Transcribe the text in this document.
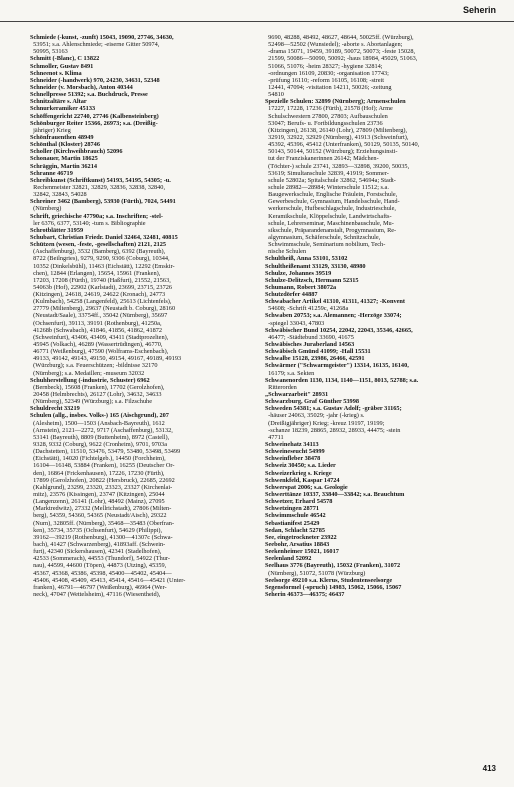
Seherin
Schmiede (-kunst, -zunft) 15043, 19090, 27746, 34630,
53951; s.a. Ahlenschmiede; -eiserne Gitter 50974,
50995, 53163
Schmitt (-Blanc), C 13822
Schmoller, Gustav 8491
Schneenot s. Klima
Schneider (-handwerk) 970, 24230, 34631, 52348
Schneider (v. Morsbach), Anton 40344
Schnellpresse 51392; s.a. Buchdruck, Presse
Schnitzaltäre s. Altar
Schnurkeramiker 45133
Schöffengericht 22740, 27746 (Kalbensteinberg)
Schönburger Reiter 15366, 26973; s.a. (Dreißig-
jähriger) Krieg
Schönfrauenthen 48949
Schönthal (Kloster) 28746
Scholler (Kirchweihbrauch) 52096
Schonauer, Martin 18625
Schräggin, Martin 36214
Schranne 46719
Schreibkunst (Schriftkunst) 54193, 54195, 54305; -u.
Rechenmeister 32821, 32829, 32836, 32838, 32840,
32842, 32843, 54028
Schreiner 3462 (Bamberg), 53930 (Fürth), 7024, 54491
(Nürnberg)
Schrift, griechische 47790a; s.a. Inschriften; -stel-
ler 6376, 6377, 53140; -tum s. Bibliographie
Schrotblätter 31959
Schubart, Christian Friedr. Daniel 32464, 32481, 40815
Schützen (wesen, -feste, -gesellschaften) 2121, 2125
(Aschaffenburg), 3532 (Bamberg), 6392 (Bayreuth),
8722 (Beilngries), 9279, 9290, 9306 (Coburg), 10344,
10352 (Dinkelsbühl), 11463 (Eichstätt), 12292 (Emskir-
chen), 12844 (Erlangen), 15654, 15961 (Franken),
17203, 17208 (Fürth), 19740 (Haßfurt), 21552, 21563,
54063b (Hof), 22902 (Karlstadt), 23699, 23715, 23726
(Kitzingen), 24618, 24619, 24622 (Kronach), 24773
(Kulmbach), 54258 (Langenfeld), 25613 (Lichtenfels),
27779 (Miltenberg), 29637 (Neustadt b. Coburg), 28160
(Neustadt/Saale), 33754ff., 35042 (Nürnberg), 35697
(Ochsenfurt), 39113, 39191 (Rothenburg), 41250a,
41268b (Schwabach), 41846, 41856, 41862, 41872
(Schweinfurt), 43406, 43409, 43411 (Stadtprozelten),
45945 (Volkach), 46289 (Wassertrüdingen), 46770,
46771 (Weißenburg), 47590 (Wolframs-Eschenbach),
49133, 49142, 49143, 49150, 49154, 49167, 49189, 49193
(Würzburg); s.a. Feuerschützen; -bildnisse 32170
(Nürnberg); s.a. Medaillen; -museum 32032
Schuhherstellung (-industrie, Schuster) 6962
(Bernbeck), 15608 (Franken), 17702 (Gerolzhofen),
20458 (Helmbrechts), 26127 (Lohr), 34632, 34633
(Nürnberg), 52349 (Würzburg); s.a. Filzschuhe
Schuldrecht 33219
Schulen (allg., insbes. Volks-) 165 (Aischgrund), 207
(Alesheim), 1500—1503 (Ansbach-Bayreuth), 1612
(Arnstein), 2121—2272, 9717 (Aschaffenburg), 53132,
53141 (Bayreuth), 8809 (Buttenheim), 8972 (Castell),
9328, 9332 (Coburg), 9622 (Cronheim), 9701, 9703a
(Dachstetten), 11510, 53476, 53479, 53480, 53498, 53499
(Eichstätt), 14020 (Fichtelgeb.), 14450 (Forchheim),
16104—16148, 53884 (Franken), 16255 (Deutscher Or-
den), 16864 (Frickenhausen), 17226, 17230 (Fürth),
17899 (Gerolzhofen), 20822 (Hersbruck), 22685, 22692
(Kahlgrund), 23299, 23320, 23323, 23327 (Kirchenlai-
mitz), 23576 (Kissingen), 23747 (Kitzingen), 25044
(Langenzenn), 26141 (Lohr), 48492 (Mainz), 27095
(Marktredwitz), 27332 (Mellrichstadt), 27806 (Milten-
berg), 54359, 54360, 54365 (Neustadt/Aisch), 29322
(Nurn), 32805ff. (Nürnberg), 35468—35483 (Oberfran-
ken), 35734, 35735 (Ochsenfurt), 54629 (Philippi),
39162—39219 (Rothenburg), 41300—41307c (Schwa-
bach), 41427 (Schwarzenberg), 41893aff. (Schwein-
furt), 42340 (Sickershausen), 42341 (Stadelhofen),
42533 (Sommerach), 44553 (Thundorf), 54922 (Thur-
nau), 44599, 44600 (Töpen), 44873 (Utzing), 45359,
45367, 45368, 45386, 45398, 45400—45402, 45404—
45406, 45408, 45409, 45413, 45414, 45416—45421 (Unter-
franken), 46791—46797 (Weißenburg), 46964 (Wer-
neck), 47047 (Wettelsheim), 47116 (Wiesentheid),
9690, 48288, 48492, 48627, 48644, 50025ff. (Würzburg),
52498—52502 (Wunsiedel); -aborte s. Abortanlagen;
-drama 15071, 19459, 39189, 50072, 50073; -feste 15028,
21599, 50086—50090, 50092; -haus 18984, 45029, 51063,
51066, 51076; -heim 28327; -hygiene 32814;
-ordnungen 16109, 20830; -organisation 17743;
-prüfung 16110; -reform 16105, 16108; -streit
12441, 47094; -visitation 14211, 50026; -zeitung
54810
Spezielle Schulen: 32899 (Nürnberg); Armenschulen
17227, 17228, 17236 (Fürth), 21578 (Hof); Arme
Schulschwestern 27800, 27803; Aufbauschulen
53047; Berufs- u. Fortbildungsschulen 23736
(Kitzingen), 26138, 26140 (Lohr), 27809 (Miltenberg),
32919, 32922, 32929 (Nürnberg), 41913 (Schweinfurt),
45392, 45396, 45412 (Unterfranken), 50129, 50135, 50140,
50143, 50144, 50152 (Würzburg); Erziehungsinsti-
tut der Franziskanerinnen 26142; Mädchen-
(Töchter-) schule 23741, 32893—32898, 39200, 50035,
53619; Simultanschule 32839, 41919; Sommer-
schule 52802a; Spitalschule 32862, 54694a; Stadt-
schule 28982—28984; Winterschule 11512; s.a.
Baugewerkschule, Englische Fräulein, Forstschule,
Gewerbeschule, Gymnasium, Handelsschule, Hand-
werkerschule, Hufbeschlagschule, Industrieschule,
Keramikschule, Klöppelschule, Landwirtschafts-
schule, Lehrerseminar, Maschinenbauschule, Mu-
sikschule, Präparandenanstalt, Progymnasium, Re-
algymnasium, Schäferschule, Schnitzschule,
Schwimmschule, Seminarium nobilium, Tech-
nische Schulen
Schultheiß, Anna 53101, 53102
Schultheißenamt 33129, 33130, 48980
Schulze, Johannes 39519
Schulze-Delitzsch, Hermann 52315
Schumann, Robert 38072a
Schutzdörfer 44887
Schwabacher Artikel 41310, 41311, 41327; -Konvent
54608; -Schrift 41259c, 41268a
Schwaben 20753; s.a. Alemannen; -Herzöge 33074;
-spiegel 33043, 47803
Schwäbischer Bund 10254, 22042, 22043, 35346, 42665,
46477; -Städtebund 33690, 41675
Schwäbisches Juraberland 14563
Schwäbisch Gmünd 41099; -Hall 15531
Schwalbe 15128, 23986, 26466, 42591
Schwärmer ("Schwarmgeister") 13314, 16135, 16140,
16179; s.a. Sekten
Schwanenorden 1130, 1134, 1140—1151, 8013, 52788; s.a.
Ritterorden
„Schwarzarbeit" 28931
Schwarzburg, Graf Günther 53998
Schweden 54381; s.a. Gustav Adolf; -gräber 31165;
-häuser 24063, 35029; -jahr (-krieg) s.
(Dreißigjähriger) Krieg; -kreuz 19197, 19199;
-schanze 18239, 28865, 28932, 28933, 44475; -stein
47711
Schweinehatz 34113
Schweineseucht 54999
Schweinfleber 38478
Schweiz 30450; s.a. Lieder
Schweizerkrieg s. Kriege
Schwenkfeld, Kaspar 14724
Schwerspat 2006; s.a. Geologie
Schwerttänze 10337, 33840—33842; s.a. Brauchtum
Schwetzer, Erhard 54578
Schwetzingen 28771
Schwimmschule 46542
Sebastianifest 25429
Sedan, Schlacht 52785
See, eingetrockneter 23922
Seebohr, Arsatius 18843
Seekenheimer 15021, 16017
Seelenland 52092
Seelhaus 3776 (Bayreuth), 15032 (Franken), 31072
(Nürnberg), 51072, 51078 (Würzburg)
Seelsorge 49210 s.a. Klerus, Studentenseelsorge
Segensformel (-spruch) 14983, 15062, 15066, 15067
Seherin 46373—46375; 46437
413
